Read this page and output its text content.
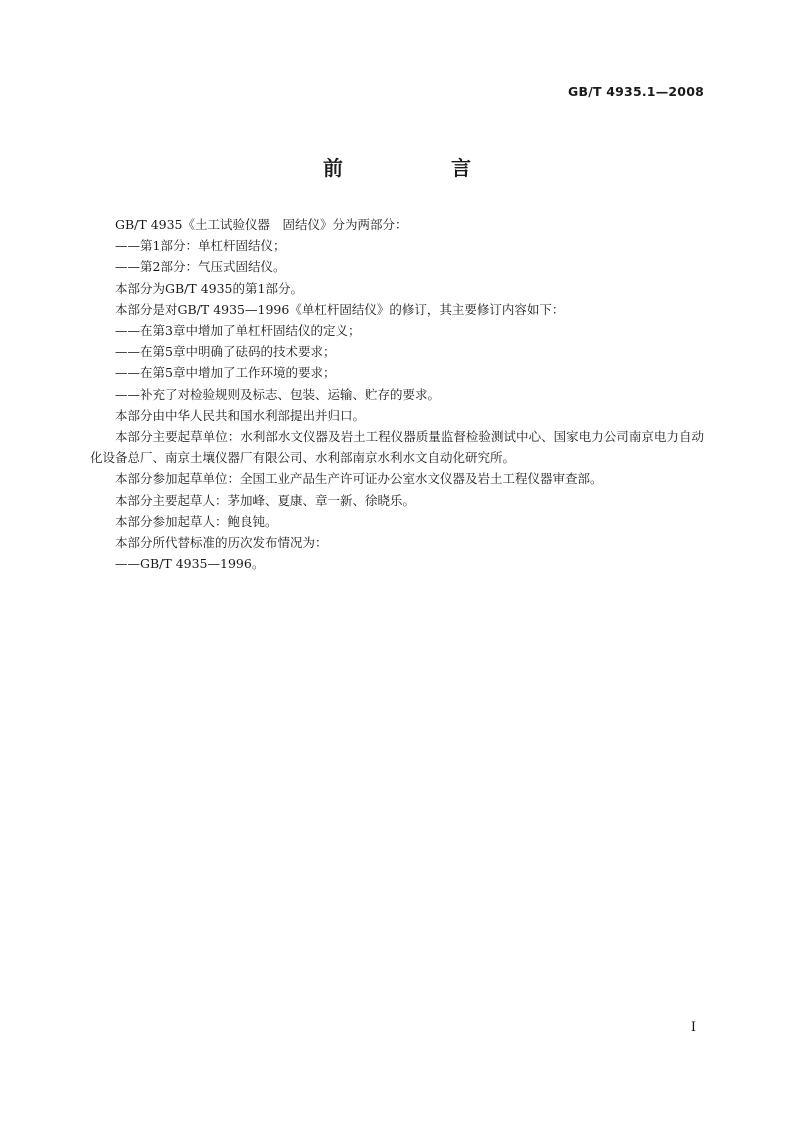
GB/T 4935.1—2008
前　言

GB/T 4935《土工试验仪器　固结仪》分为两部分：

——第1部分：单杠杆固结仪；

——第2部分：气压式固结仪。

本部分为GB/T 4935的第1部分。

本部分是对GB/T 4935—1996《单杠杆固结仪》的修订，其主要修订内容如下：

——在第3章中增加了单杠杆固结仪的定义；

——在第5章中明确了砝码的技术要求；

——在第5章中增加了工作环境的要求；

——补充了对检验规则及标志、包装、运输、贮存的要求。

本部分由中华人民共和国水利部提出并归口。

本部分主要起草单位：水利部水文仪器及岩土工程仪器质量监督检验测试中心、国家电力公司南京电力自动化设备总厂、南京土壤仪器厂有限公司、水利部南京水利水文自动化研究所。

本部分参加起草单位：全国工业产品生产许可证办公室水文仪器及岩土工程仪器审查部。

本部分主要起草人：茅加峰、夏康、章一新、徐晓乐。

本部分参加起草人：鲍良钝。

本部分所代替标准的历次发布情况为：

——GB/T 4935—1996。

I
